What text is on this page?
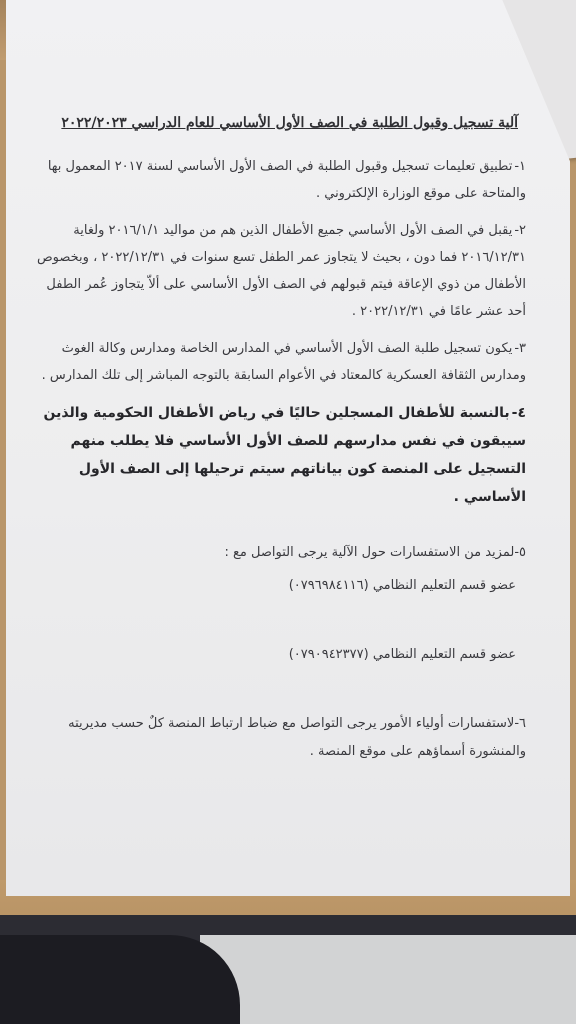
آلية تسجيل وقبول الطلبة في الصف الأول الأساسي للعام الدراسي ٢٠٢٢/٢٠٢٣
١-تطبيق تعليمات تسجيل وقبول الطلبة في الصف الأول الأساسي لسنة ٢٠١٧ المعمول بها والمتاحة على موقع الوزارة الإلكتروني .
٢-يقبل في الصف الأول الأساسي جميع الأطفال الذين هم من مواليد ٢٠١٦/١/١ ولغاية ٢٠١٦/١٢/٣١ فما دون ، بحيث لا يتجاوز عمر الطفل تسع سنوات في ٢٠٢٢/١٢/٣١ ، وبخصوص الأطفال من ذوي الإعاقة فيتم قبولهم في الصف الأول الأساسي على ألاّ يتجاوز عُمر الطفل أحد عشر عامًا في ٢٠٢٢/١٢/٣١ .
٣-يكون تسجيل طلبة الصف الأول الأساسي في المدارس الخاصة ومدارس وكالة الغوث ومدارس الثقافة العسكرية كالمعتاد في الأعوام السابقة بالتوجه المباشر إلى تلك المدارس .
٤-بالنسبة للأطفال المسجلين حاليًا في رياض الأطفال الحكومية والذين سيبقون في نفس مدارسهم للصف الأول الأساسي فلا يطلب منهم التسجيل على المنصة كون بياناتهم سيتم ترحيلها إلى الصف الأول الأساسي .
٥-لمزيد من الاستفسارات حول الآلية يرجى التواصل مع :
عضو قسم التعليم النظامي (٠٧٩٦٩٨٤١١٦)
عضو قسم التعليم النظامي (٠٧٩٠٩٤٢٣٧٧)
٦-لاستفسارات أولياء الأمور يرجى التواصل مع ضباط ارتباط المنصة كلٌ حسب مديريته والمنشورة أسماؤهم على موقع المنصة .
